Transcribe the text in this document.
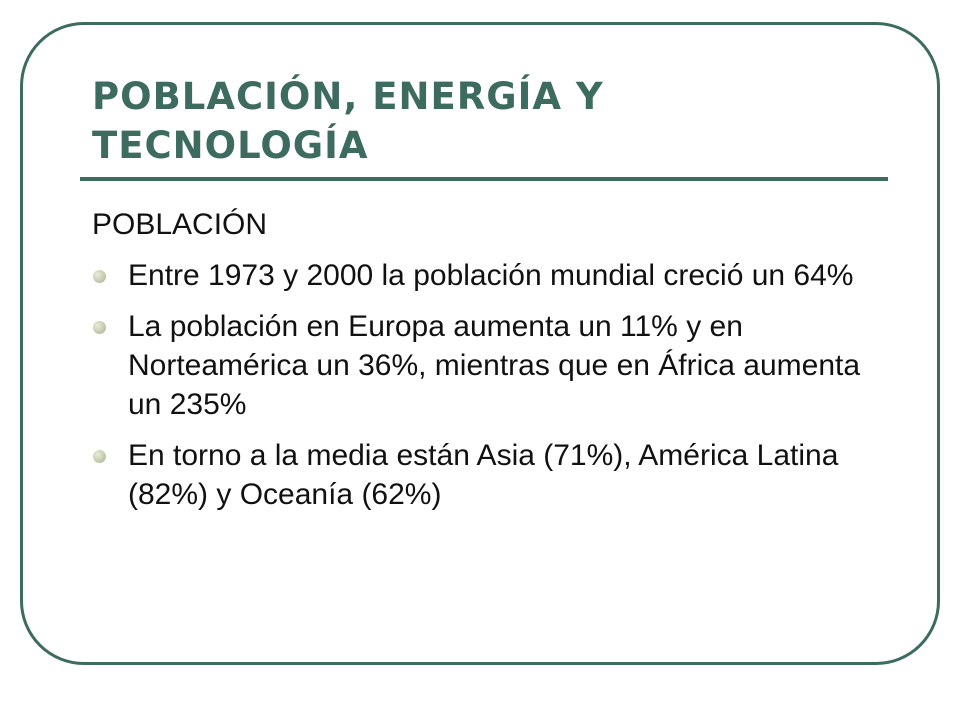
POBLACIÓN, ENERGÍA Y TECNOLOGÍA

POBLACIÓN

Entre 1973 y 2000 la población mundial creció un 64%
La población en Europa aumenta un 11% y en Norteamérica un 36%, mientras que en África aumenta un 235%
En torno a la media están Asia (71%), América Latina (82%) y Oceanía (62%)
